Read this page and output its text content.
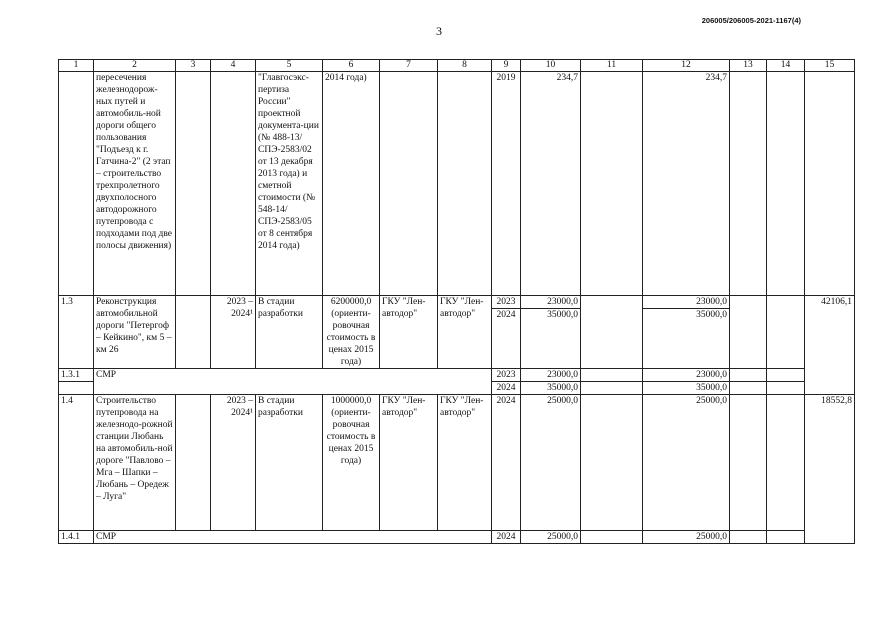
3
206005/206005-2021-1167(4)
1	2	3	4	5	6	7	8	9	10	11	12	13	14	15
	пересечения железнодорож-ных путей и автомобиль-ной дороги общего пользования "Подъезд к г. Гатчина-2" (2 этап – строительство трехпролетного двухполосного автодорожного путепровода с подходами под две полосы движения)			"Главгосэкс-пертиза России" проектной документа-ции (№ 488-13/СПЭ-2583/02 от 13 декабря 2013 года) и сметной стоимости (№ 548-14/ СПЭ-2583/05 от 8 сентября 2014 года)	2014 года)			2019	234,7		234,7			
1.3	Реконструкция автомобильной дороги "Петергоф – Кейкино", км 5 – км 26		2023 – 2024¹	В стадии разработки	6200000,0 (ориенти-ровочная стоимость в ценах 2015 года)	ГКУ "Лен-автодор"	ГКУ "Лен-автодор"	2023	23000,0		23000,0			42106,1
								2024	35000,0		35000,0			
1.3.1	СМР							2023	23000,0		23000,0			
								2024	35000,0		35000,0			
1.4	Строительство путепровода на железнодо-рожной станции Любань на автомобиль-ной дороге "Павлово – Мга – Шапки – Любань – Оредеж – Луга"		2023 – 2024¹	В стадии разработки	1000000,0 (ориенти-ровочная стоимость в ценах 2015 года)	ГКУ "Лен-автодор"	ГКУ "Лен-автодор"	2024	25000,0		25000,0			18552,8
1.4.1	СМР							2024	25000,0		25000,0			
